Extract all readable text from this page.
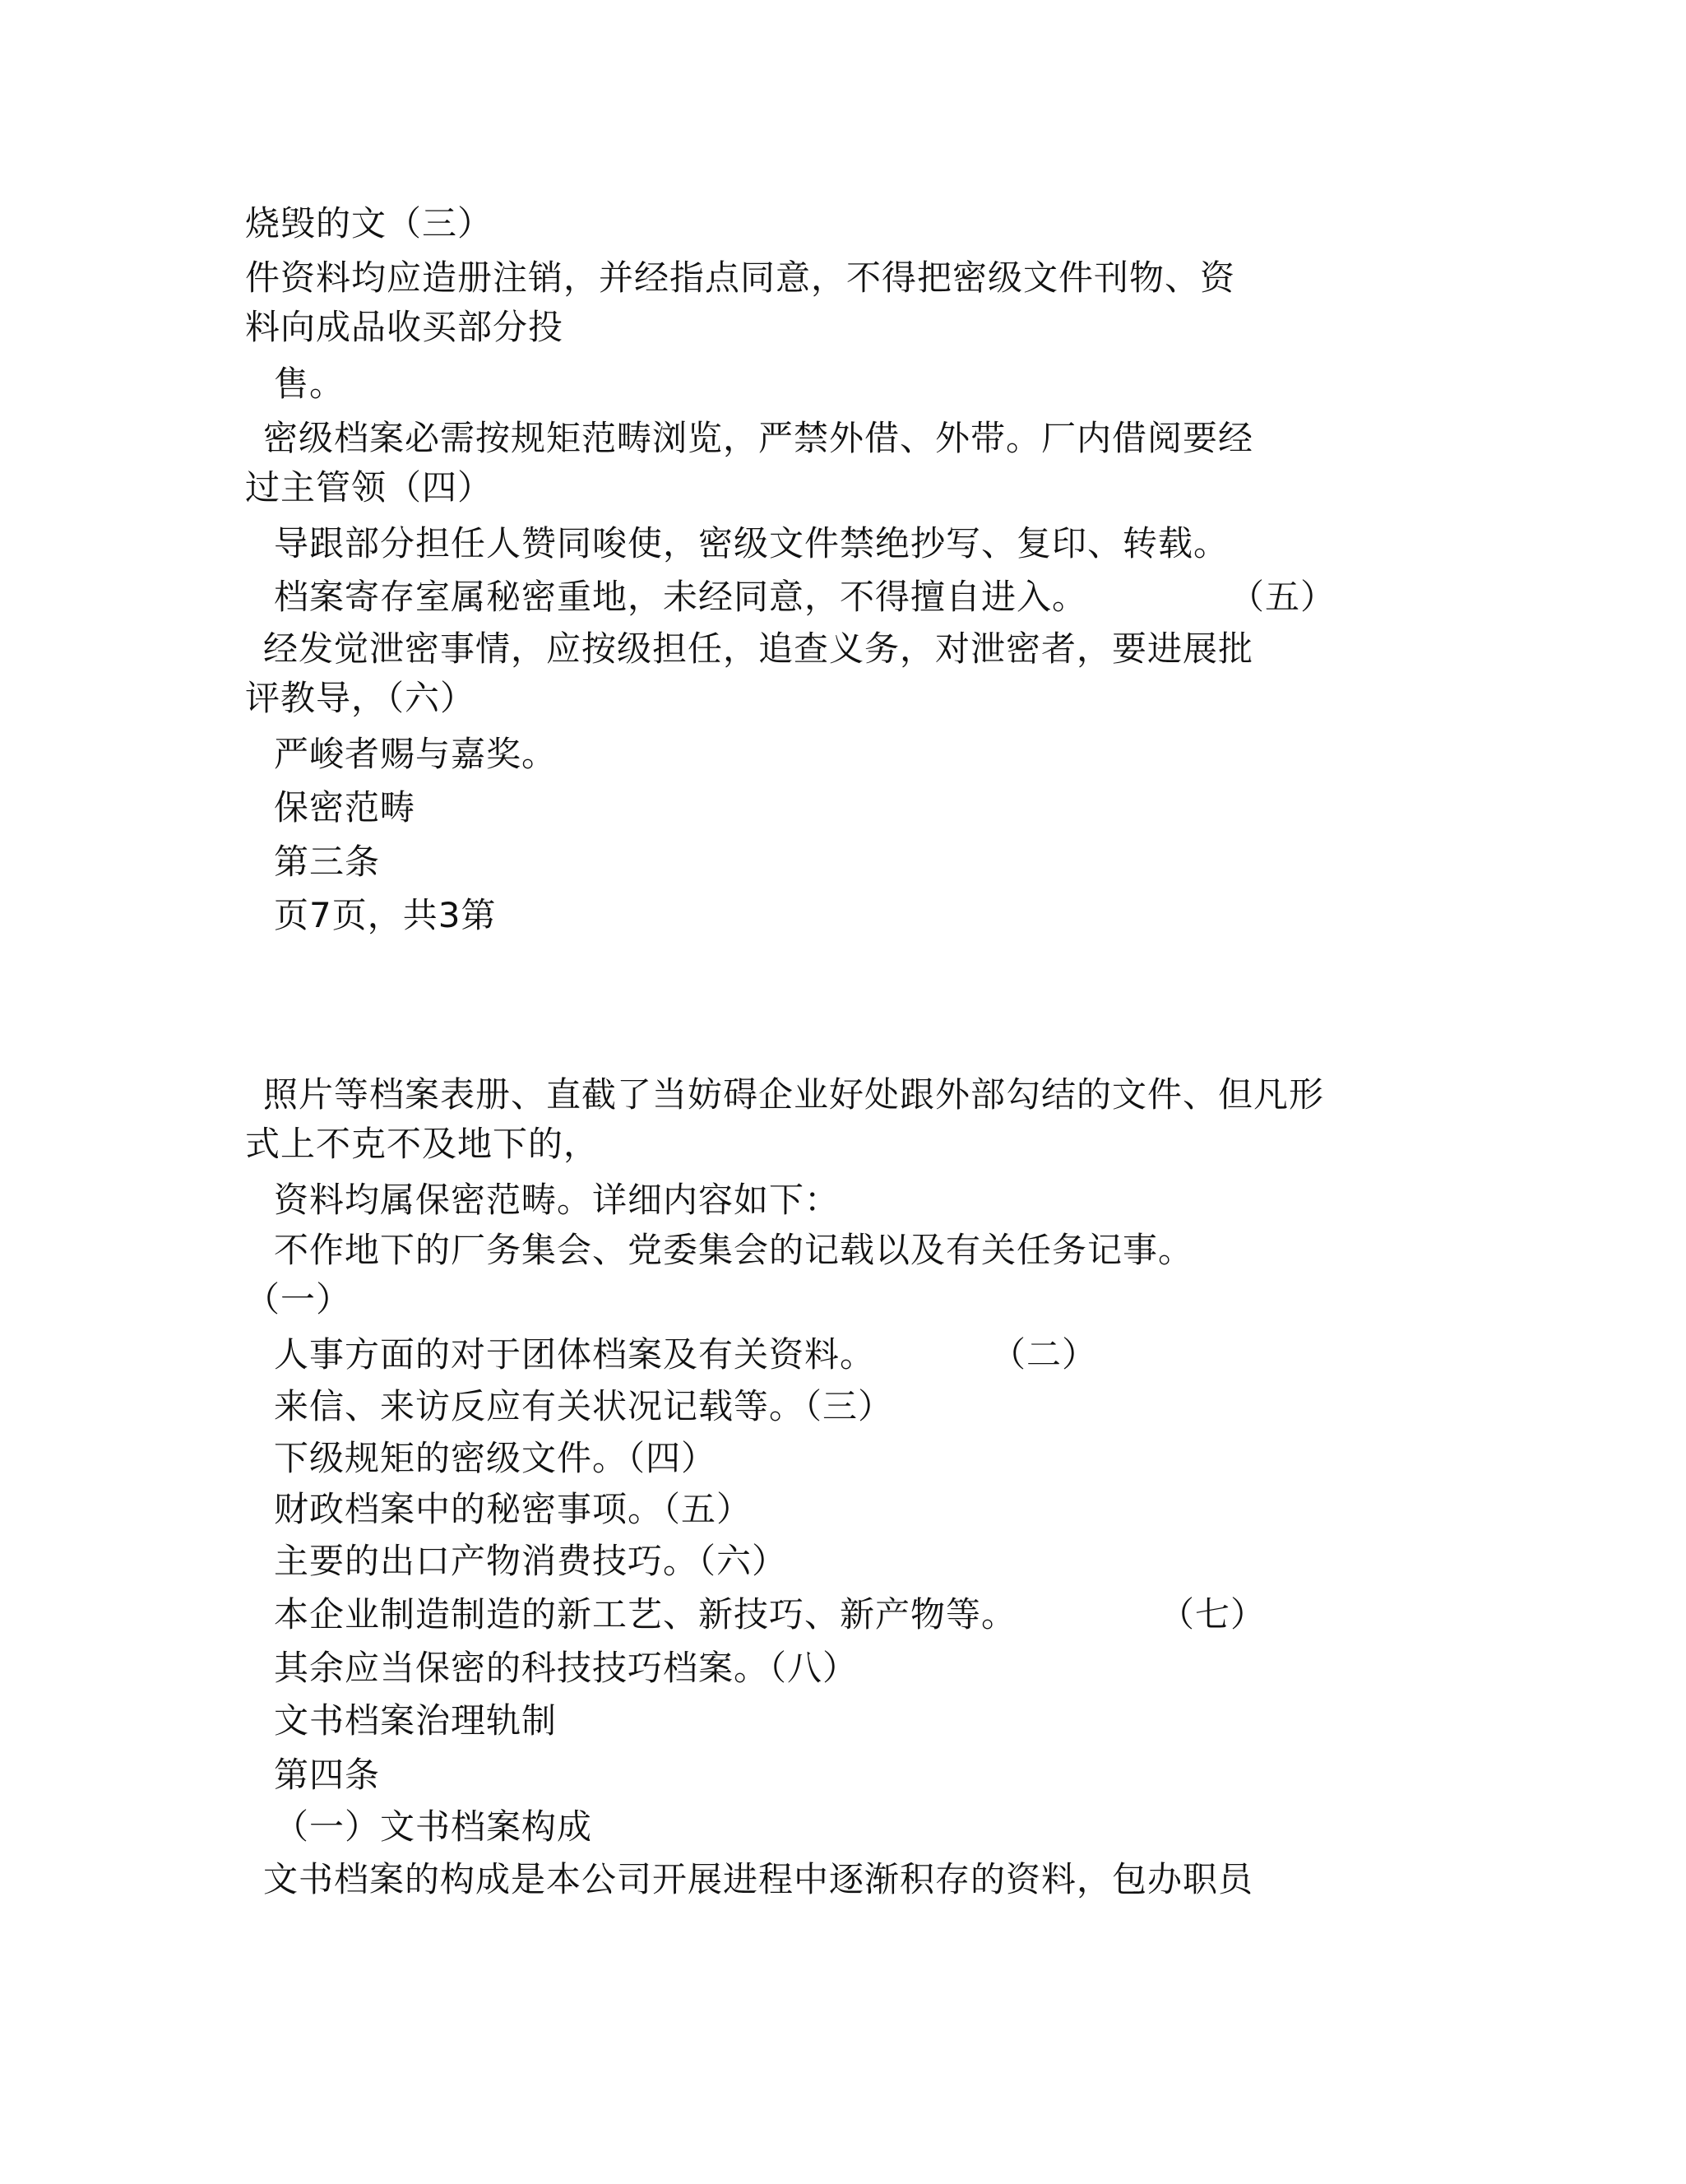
烧毁的文（三）
件资料均应造册注销，并经指点同意，不得把密级文件刊物、资
料向成品收买部分投
售。
密级档案必需按规矩范畴浏览，严禁外借、外带。厂内借阅要经
过主管领（四）
导跟部分担任人赞同唆使，密级文件禁绝抄写、复印、转载。
档案寄存室属秘密重地，未经同意，不得擅自进入。	（五）
经发觉泄密事情，应按级担任，追查义务，对泄密者，要进展批
评教导，（六）
严峻者赐与嘉奖。
保密范畴
第三条
页7页，共3第
照片等档案表册、直截了当妨碍企业好处跟外部勾结的文件、但凡形
式上不克不及地下的，
资料均属保密范畴。详细内容如下：
不作地下的厂务集会、党委集会的记载以及有关任务记事。
（一）
人事方面的对于团体档案及有关资料。	（二）
来信、来访反应有关状况记载等。（三）
下级规矩的密级文件。（四）
财政档案中的秘密事项。（五）
主要的出口产物消费技巧。（六）
本企业制造制造的新工艺、新技巧、新产物等。	（七）
其余应当保密的科技技巧档案。（八）
文书档案治理轨制
第四条
（一）文书档案构成
文书档案的构成是本公司开展进程中逐渐积存的资料，包办职员
